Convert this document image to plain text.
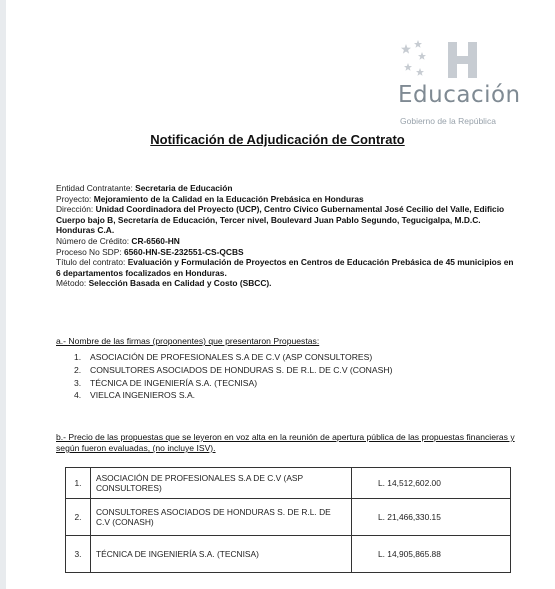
Educación
Gobierno de la República
Notificación de Adjudicación de Contrato

Entidad Contratante: Secretaria de Educación

Proyecto: Mejoramiento de la Calidad en la Educación Prebásica en Honduras

Dirección: Unidad Coordinadora del Proyecto (UCP), Centro Cívico Gubernamental José Cecilio del Valle, Edificio Cuerpo bajo B, Secretaría de Educación, Tercer nivel, Boulevard Juan Pablo Segundo, Tegucigalpa, M.D.C. Honduras C.A.

Número de Crédito: CR-6560-HN

Proceso No SDP: 6560-HN-SE-232551-CS-QCBS

Título del contrato: Evaluación y Formulación de Proyectos en Centros de Educación Prebásica de 45 municipios en 6 departamentos focalizados en Honduras.

Método: Selección Basada en Calidad y Costo (SBCC).

a.- Nombre de las firmas (proponentes) que presentaron Propuestas:
1. ASOCIACIÓN DE PROFESIONALES S.A DE C.V (ASP CONSULTORES)
2. CONSULTORES ASOCIADOS DE HONDURAS S. DE R.L. DE C.V (CONASH)
3. TÉCNICA DE INGENIERÍA S.A. (TECNISA)
4. VIELCA INGENIEROS S.A.
b.- Precio de las propuestas que se leyeron en voz alta en la reunión de apertura pública de las propuestas financieras y según fueron evaluadas, (no incluye ISV).
1.	ASOCIACIÓN DE PROFESIONALES S.A DE C.V (ASP CONSULTORES)	L. 14,512,602.00
2.	CONSULTORES ASOCIADOS DE HONDURAS S. DE R.L. DE C.V (CONASH)	L. 21,466,330.15
3.	TÉCNICA DE INGENIERÍA S.A. (TECNISA)	L. 14,905,865.88
